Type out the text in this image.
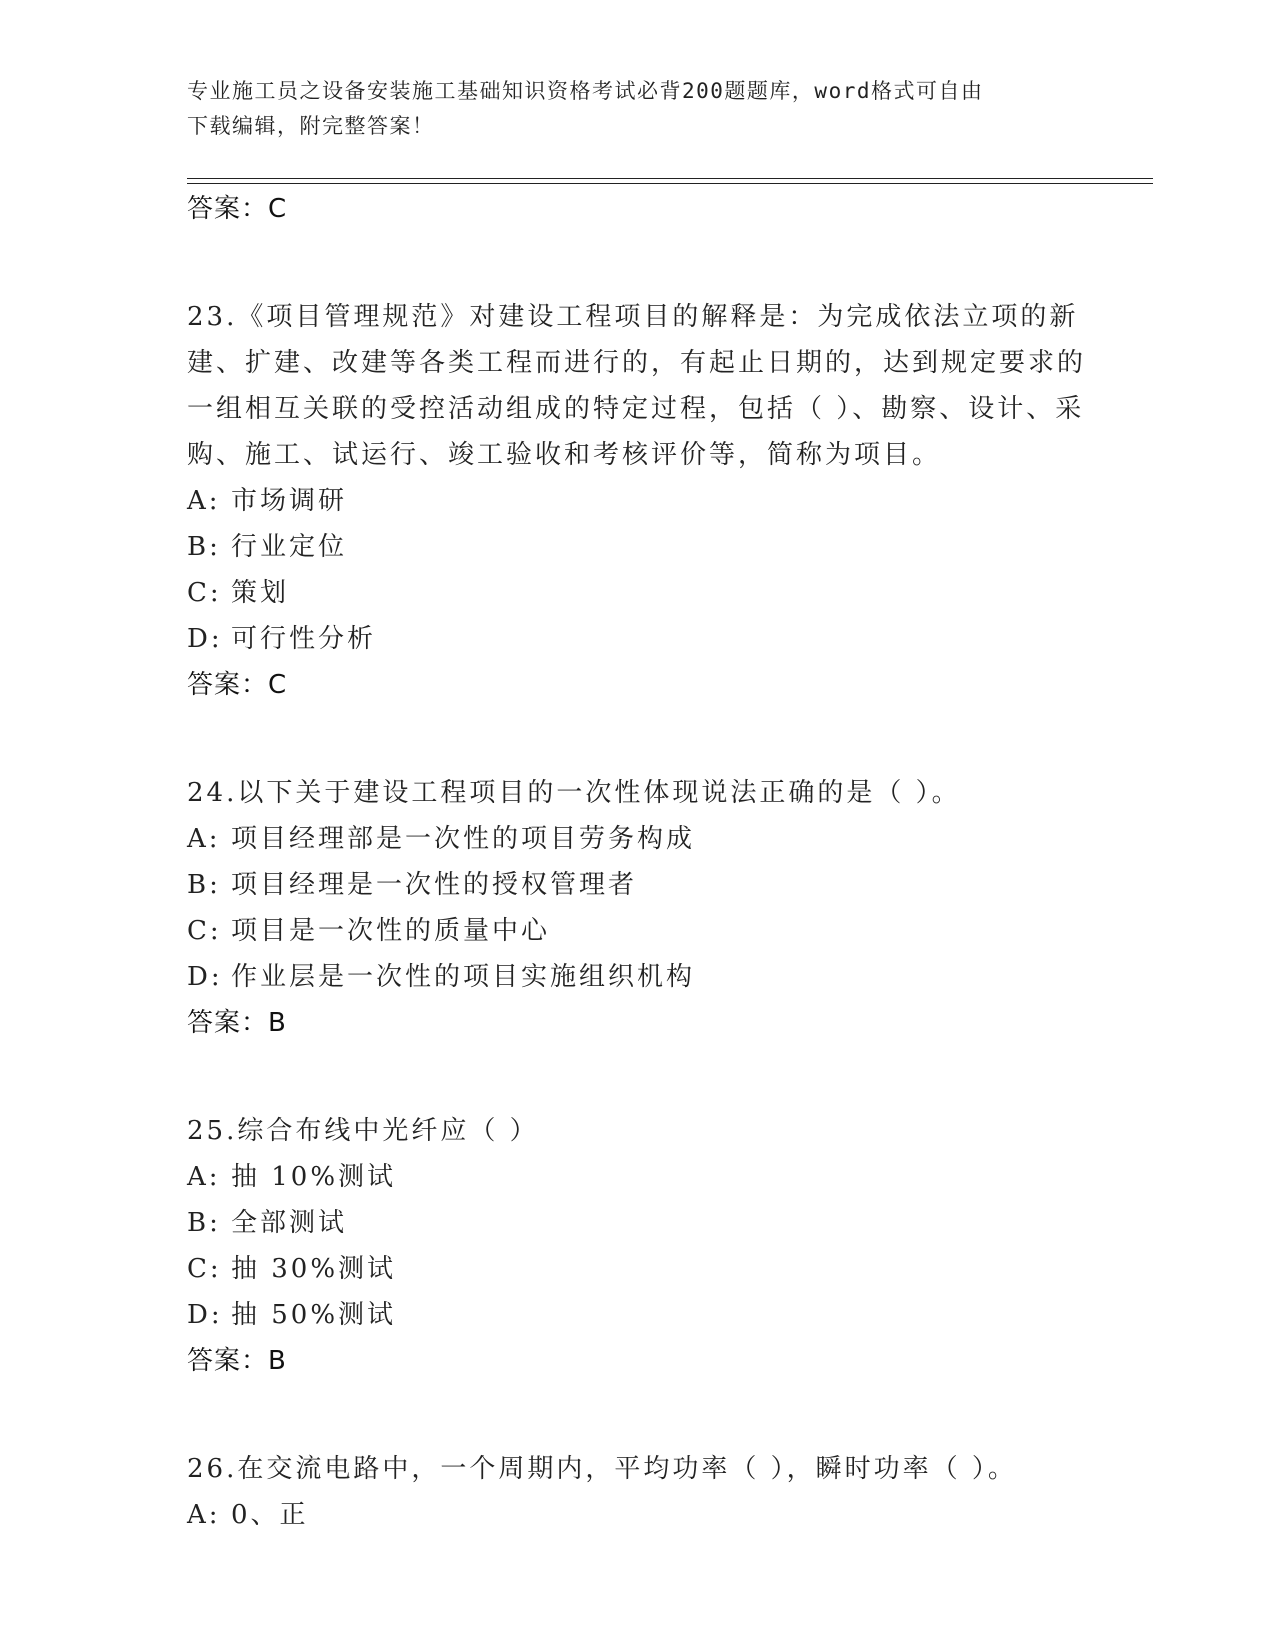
专业施工员之设备安装施工基础知识资格考试必背200题题库，word格式可自由
下载编辑，附完整答案！
答案：C
23.《项目管理规范》对建设工程项目的解释是：为完成依法立项的新建、扩建、改建等各类工程而进行的，有起止日期的，达到规定要求的一组相互关联的受控活动组成的特定过程，包括（ ）、勘察、设计、采购、施工、试运行、竣工验收和考核评价等，简称为项目。
A: 市场调研
B: 行业定位
C: 策划
D: 可行性分析
答案：C
24.以下关于建设工程项目的一次性体现说法正确的是（ ）。
A: 项目经理部是一次性的项目劳务构成
B: 项目经理是一次性的授权管理者
C: 项目是一次性的质量中心
D: 作业层是一次性的项目实施组织机构
答案：B
25.综合布线中光纤应（ ）
A: 抽 10%测试
B: 全部测试
C: 抽 30%测试
D: 抽 50%测试
答案：B
26.在交流电路中，一个周期内，平均功率（ ），瞬时功率（ ）。
A: 0、正
